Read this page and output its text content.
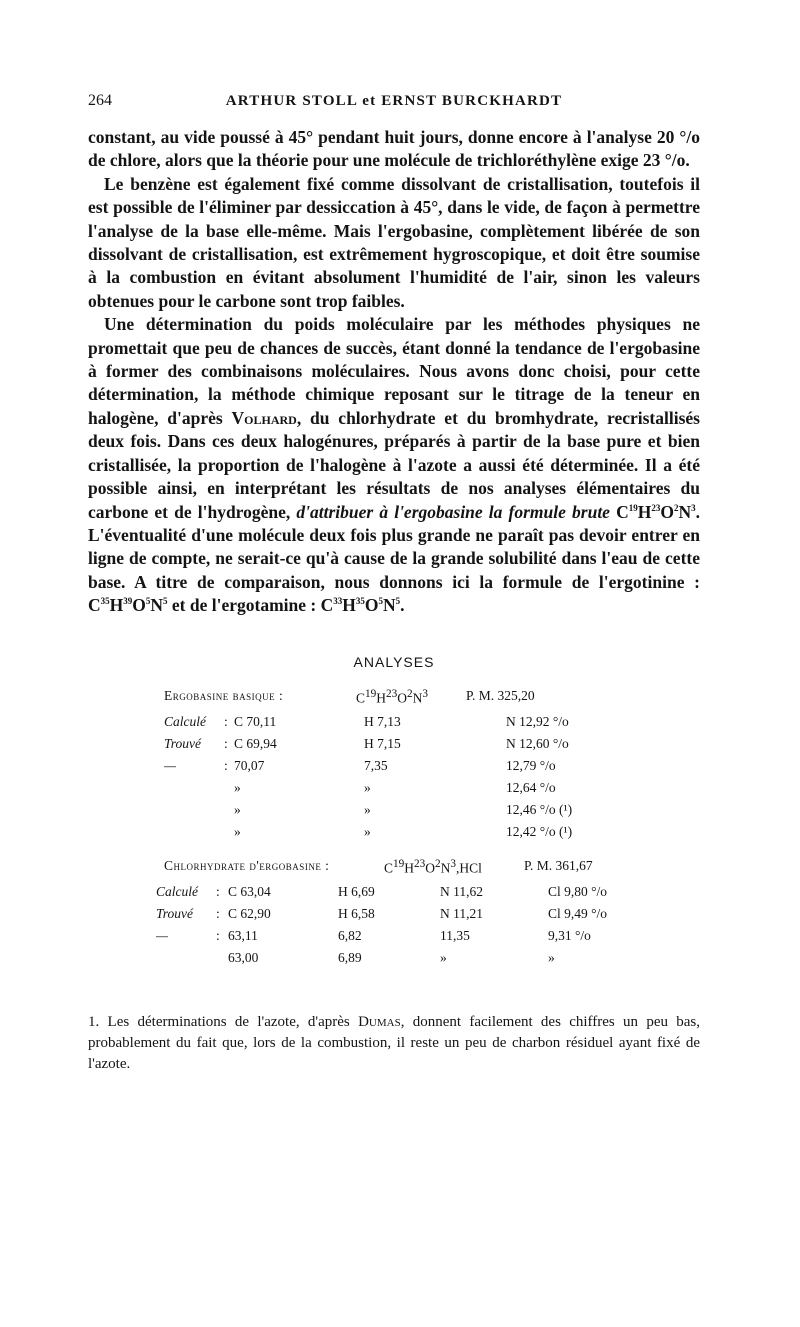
264	ARTHUR STOLL et ERNST BURCKHARDT

constant, au vide poussé à 45° pendant huit jours, donne encore à l'analyse 20 °/o de chlore, alors que la théorie pour une molécule de trichloréthylène exige 23 °/o.

Le benzène est également fixé comme dissolvant de cristallisation, toutefois il est possible de l'éliminer par dessiccation à 45°, dans le vide, de façon à permettre l'analyse de la base elle-même. Mais l'ergobasine, complètement libérée de son dissolvant de cristallisation, est extrêmement hygroscopique, et doit être soumise à la combustion en évitant absolument l'humidité de l'air, sinon les valeurs obtenues pour le carbone sont trop faibles.

Une détermination du poids moléculaire par les méthodes physiques ne promettait que peu de chances de succès, étant donné la tendance de l'ergobasine à former des combinaisons moléculaires. Nous avons donc choisi, pour cette détermination, la méthode chimique reposant sur le titrage de la teneur en halogène, d'après Volhard, du chlorhydrate et du bromhydrate, recristallisés deux fois. Dans ces deux halogénures, préparés à partir de la base pure et bien cristallisée, la proportion de l'halogène à l'azote a aussi été déterminée. Il a été possible ainsi, en interprétant les résultats de nos analyses élémentaires du carbone et de l'hydrogène, d'attribuer à l'ergobasine la formule brute $C^{19}H^{23}O^2N^3$. L'éventualité d'une molécule deux fois plus grande ne paraît pas devoir entrer en ligne de compte, ne serait-ce qu'à cause de la grande solubilité dans l'eau de cette base. A titre de comparaison, nous donnons ici la formule de l'ergotinine : $C^{35}H^{39}O^5N^5$ et de l'ergotamine : $C^{33}H^{35}O^5N^5$.

ANALYSES
Ergobasine basique :	$C^{19}H^{23}O^2N^3$	P. M. 325,20
Calculé : C 70,11	H 7,13	N 12,92 °/o
Trouvé : C 69,94	H 7,15	N 12,60 °/o
—	: 70,07	7,35	12,79 °/o
»	»	12,64 °/o
»	»	12,46 °/o (¹)
»	»	12,42 °/o (¹)
Chlorhydrate d'ergobasine :	$C^{19}H^{23}O^2N^3,HCl$	P. M. 361,67
Calculé : C 63,04	H 6,69	N 11,62	Cl 9,80 °/o
Trouvé : C 62,90	H 6,58	N 11,21	Cl 9,49 °/o
—	: 63,11	6,82	11,35	9,31 °/o
63,00	6,89	»	»
1. Les déterminations de l'azote, d'après Dumas, donnent facilement des chiffres un peu bas, probablement du fait que, lors de la combustion, il reste un peu de charbon résiduel ayant fixé de l'azote.
